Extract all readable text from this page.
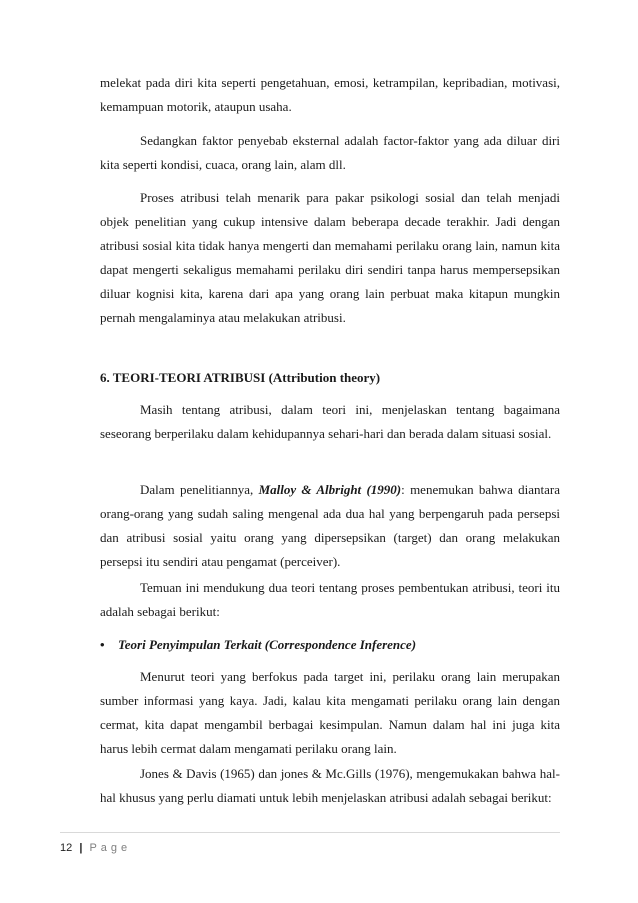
melekat pada diri kita seperti pengetahuan, emosi, ketrampilan, kepribadian, motivasi, kemampuan motorik, ataupun usaha.

Sedangkan faktor penyebab eksternal adalah factor-faktor yang ada diluar diri kita seperti kondisi, cuaca, orang lain, alam dll.

Proses atribusi telah menarik para pakar psikologi sosial dan telah menjadi objek penelitian yang cukup intensive dalam beberapa decade terakhir. Jadi dengan atribusi sosial kita tidak hanya mengerti dan memahami perilaku orang lain, namun kita dapat mengerti sekaligus memahami perilaku diri sendiri tanpa harus mempersepsikan diluar kognisi kita, karena dari apa yang orang lain perbuat maka kitapun mungkin pernah mengalaminya atau melakukan atribusi.

6. TEORI-TEORI ATRIBUSI (Attribution theory)

Masih tentang atribusi, dalam teori ini, menjelaskan tentang bagaimana seseorang berperilaku dalam kehidupannya sehari-hari dan berada dalam situasi sosial.

Dalam penelitiannya, Malloy & Albright (1990): menemukan bahwa diantara orang-orang yang sudah saling mengenal ada dua hal yang berpengaruh pada persepsi dan atribusi sosial yaitu orang yang dipersepsikan (target) dan orang melakukan persepsi itu sendiri atau pengamat (perceiver).

Temuan ini mendukung dua teori tentang proses pembentukan atribusi, teori itu adalah sebagai berikut:

• Teori Penyimpulan Terkait (Correspondence Inference)

Menurut teori yang berfokus pada target ini, perilaku orang lain merupakan sumber informasi yang kaya. Jadi, kalau kita mengamati perilaku orang lain dengan cermat, kita dapat mengambil berbagai kesimpulan. Namun dalam hal ini juga kita harus lebih cermat dalam mengamati perilaku orang lain.

Jones & Davis (1965) dan jones & Mc.Gills (1976), mengemukakan bahwa hal-hal khusus yang perlu diamati untuk lebih menjelaskan atribusi adalah sebagai berikut:

12 | Page
